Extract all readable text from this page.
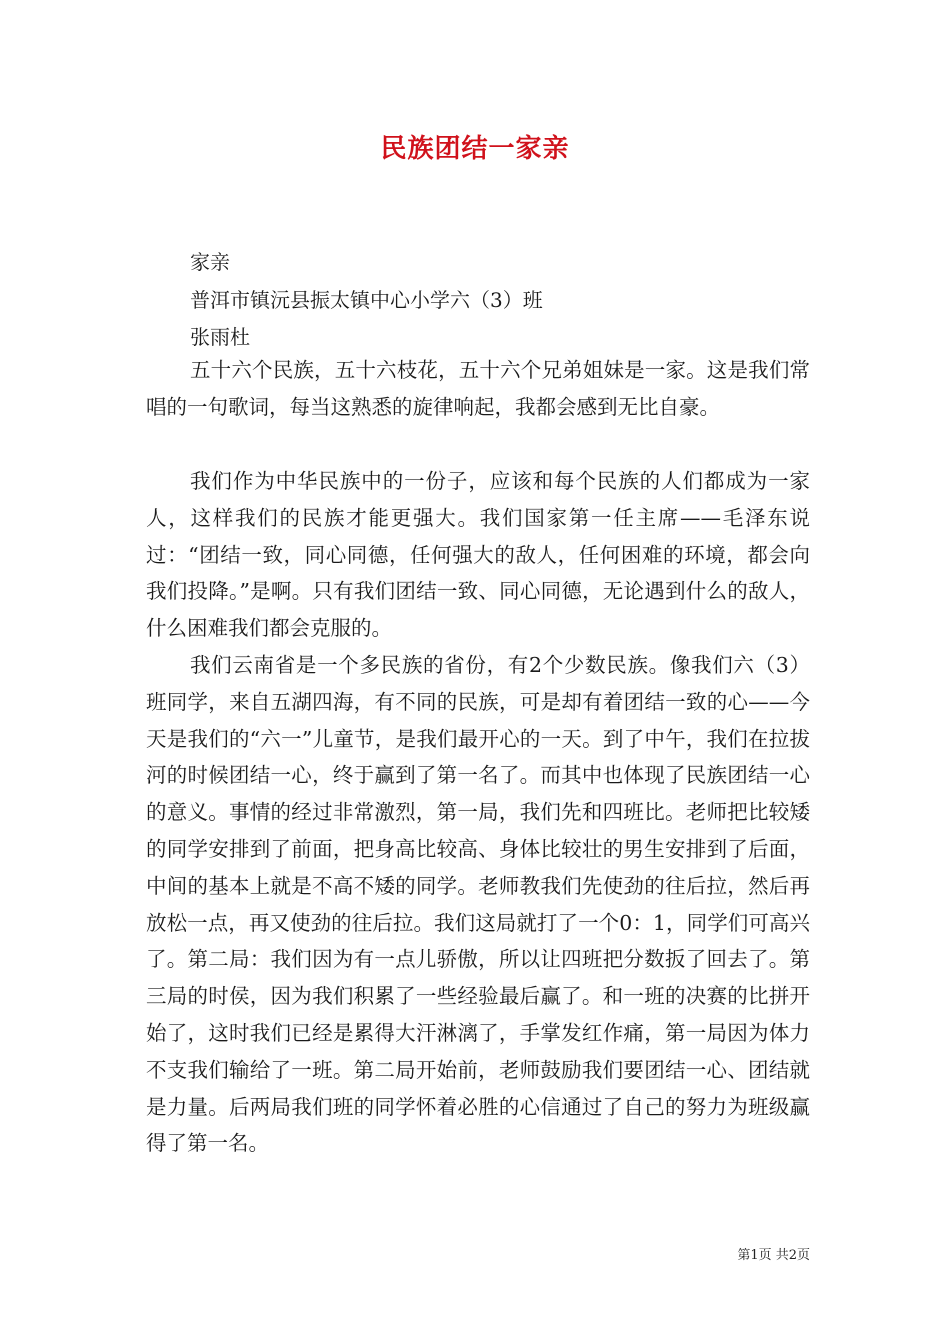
民族团结一家亲
家亲
普洱市镇沅县振太镇中心小学六（3）班
张雨杜

五十六个民族，五十六枝花，五十六个兄弟姐妹是一家。这是我们常唱的一句歌词，每当这熟悉的旋律响起，我都会感到无比自豪。

我们作为中华民族中的一份子，应该和每个民族的人们都成为一家人，这样我们的民族才能更强大。我们国家第一任主席——毛泽东说过：“团结一致，同心同德，任何强大的敌人，任何困难的环境，都会向我们投降。”是啊。只有我们团结一致、同心同德，无论遇到什么的敌人，什么困难我们都会克服的。

我们云南省是一个多民族的省份，有2个少数民族。像我们六（3）班同学，来自五湖四海，有不同的民族，可是却有着团结一致的心——今天是我们的“六一”儿童节，是我们最开心的一天。到了中午，我们在拉拔河的时候团结一心，终于赢到了第一名了。而其中也体现了民族团结一心的意义。事情的经过非常激烈，第一局，我们先和四班比。老师把比较矮的同学安排到了前面，把身高比较高、身体比较壮的男生安排到了后面，中间的基本上就是不高不矮的同学。老师教我们先使劲的往后拉，然后再放松一点，再又使劲的往后拉。我们这局就打了一个0：1，同学们可高兴了。第二局：我们因为有一点儿骄傲，所以让四班把分数扳了回去了。第三局的时侯，因为我们积累了一些经验最后赢了。和一班的决赛的比拼开始了，这时我们已经是累得大汗淋漓了，手掌发红作痛，第一局因为体力不支我们输给了一班。第二局开始前，老师鼓励我们要团结一心、团结就是力量。后两局我们班的同学怀着必胜的心信通过了自己的努力为班级赢得了第一名。

第1页 共2页
